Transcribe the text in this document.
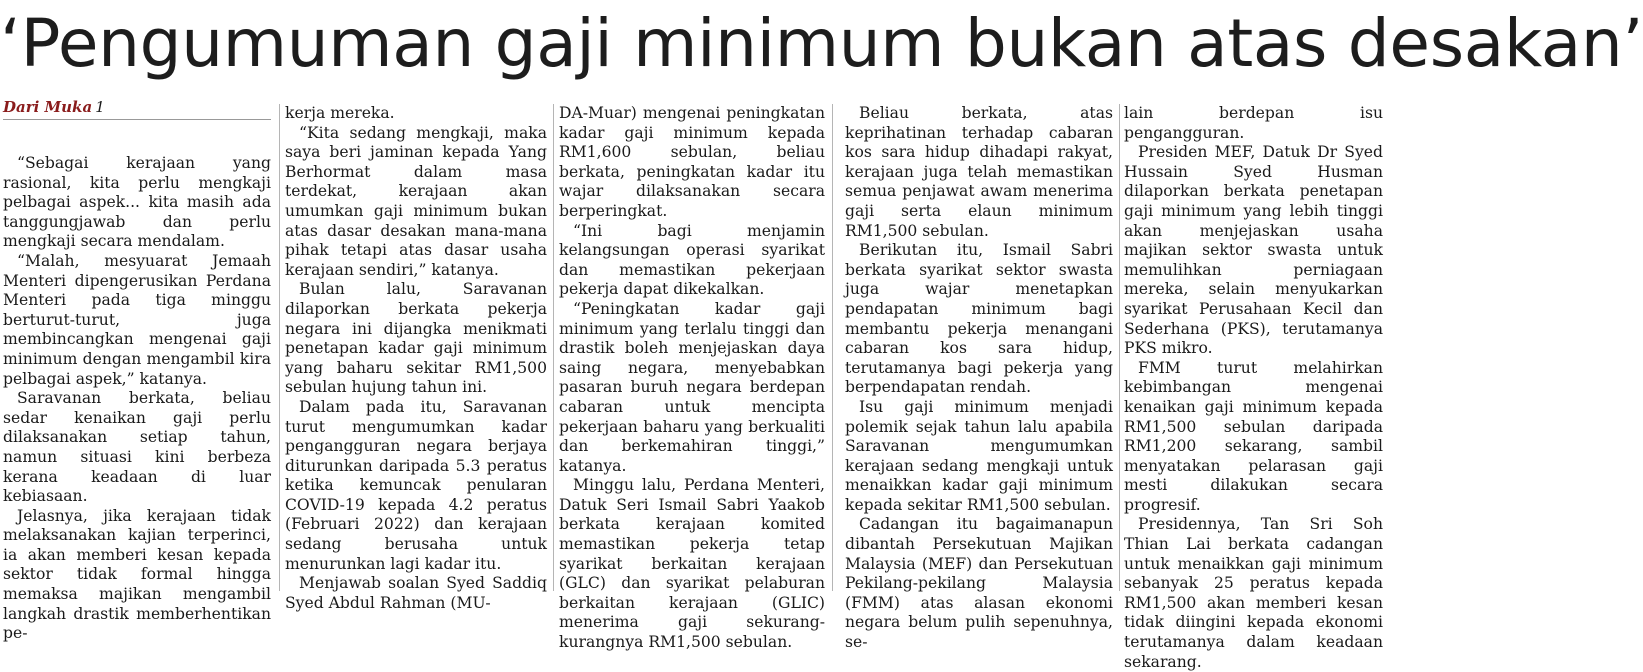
‘Pengumuman gaji minimum bukan atas desakan’
Dari Muka 1

“Sebagai kerajaan yang rasional, kita perlu mengkaji pelbagai aspek... kita masih ada tanggungjawab dan perlu mengkaji secara mendalam.

“Malah, mesyuarat Jemaah Menteri dipengerusikan Perdana Menteri pada tiga minggu berturut-turut, juga membincangkan mengenai gaji minimum dengan mengambil kira pelbagai aspek,” katanya.

Saravanan berkata, beliau sedar kenaikan gaji perlu dilaksanakan setiap tahun, namun situasi kini berbeza kerana keadaan di luar kebiasaan.

Jelasnya, jika kerajaan tidak melaksanakan kajian terperinci, ia akan memberi kesan kepada sektor tidak formal hingga memaksa majikan mengambil langkah drastik memberhentikan pe-

kerja mereka.

“Kita sedang mengkaji, maka saya beri jaminan kepada Yang Berhormat dalam masa terdekat, kerajaan akan umumkan gaji minimum bukan atas dasar desakan mana-mana pihak tetapi atas dasar usaha kerajaan sendiri,” katanya.

Bulan lalu, Saravanan dilaporkan berkata pekerja negara ini dijangka menikmati penetapan kadar gaji minimum yang baharu sekitar RM1,500 sebulan hujung tahun ini.

Dalam pada itu, Saravanan turut mengumumkan kadar pengangguran negara berjaya diturunkan daripada 5.3 peratus ketika kemuncak penularan COVID-19 kepada 4.2 peratus (Februari 2022) dan kerajaan sedang berusaha untuk menurunkan lagi kadar itu.

Menjawab soalan Syed Saddiq Syed Abdul Rahman (MU-

DA-Muar) mengenai peningkatan kadar gaji minimum kepada RM1,600 sebulan, beliau berkata, peningkatan kadar itu wajar dilaksanakan secara berperingkat.

“Ini bagi menjamin kelangsungan operasi syarikat dan memastikan pekerjaan pekerja dapat dikekalkan.

“Peningkatan kadar gaji minimum yang terlalu tinggi dan drastik boleh menjejaskan daya saing negara, menyebabkan pasaran buruh negara berdepan cabaran untuk mencipta pekerjaan baharu yang berkualiti dan berkemahiran tinggi,” katanya.

Minggu lalu, Perdana Menteri, Datuk Seri Ismail Sabri Yaakob berkata kerajaan komited memastikan pekerja tetap syarikat berkaitan kerajaan (GLC) dan syarikat pelaburan berkaitan kerajaan (GLIC) menerima gaji sekurang-kurangnya RM1,500 sebulan.

Beliau berkata, atas keprihatinan terhadap cabaran kos sara hidup dihadapi rakyat, kerajaan juga telah memastikan semua penjawat awam menerima gaji serta elaun minimum RM1,500 sebulan.

Berikutan itu, Ismail Sabri berkata syarikat sektor swasta juga wajar menetapkan pendapatan minimum bagi membantu pekerja menangani cabaran kos sara hidup, terutamanya bagi pekerja yang berpendapatan rendah.

Isu gaji minimum menjadi polemik sejak tahun lalu apabila Saravanan mengumumkan kerajaan sedang mengkaji untuk menaikkan kadar gaji minimum kepada sekitar RM1,500 sebulan.

Cadangan itu bagaimanapun dibantah Persekutuan Majikan Malaysia (MEF) dan Persekutuan Pekilang-pekilang Malaysia (FMM) atas alasan ekonomi negara belum pulih sepenuhnya, se-

lain berdepan isu pengangguran.

Presiden MEF, Datuk Dr Syed Hussain Syed Husman dilaporkan berkata penetapan gaji minimum yang lebih tinggi akan menjejaskan usaha majikan sektor swasta untuk memulihkan perniagaan mereka, selain menyukarkan syarikat Perusahaan Kecil dan Sederhana (PKS), terutamanya PKS mikro.

FMM turut melahirkan kebimbangan mengenai kenaikan gaji minimum kepada RM1,500 sebulan daripada RM1,200 sekarang, sambil menyatakan pelarasan gaji mesti dilakukan secara progresif.

Presidennya, Tan Sri Soh Thian Lai berkata cadangan untuk menaikkan gaji minimum sebanyak 25 peratus kepada RM1,500 akan memberi kesan tidak diingini kepada ekonomi terutamanya dalam keadaan sekarang.
